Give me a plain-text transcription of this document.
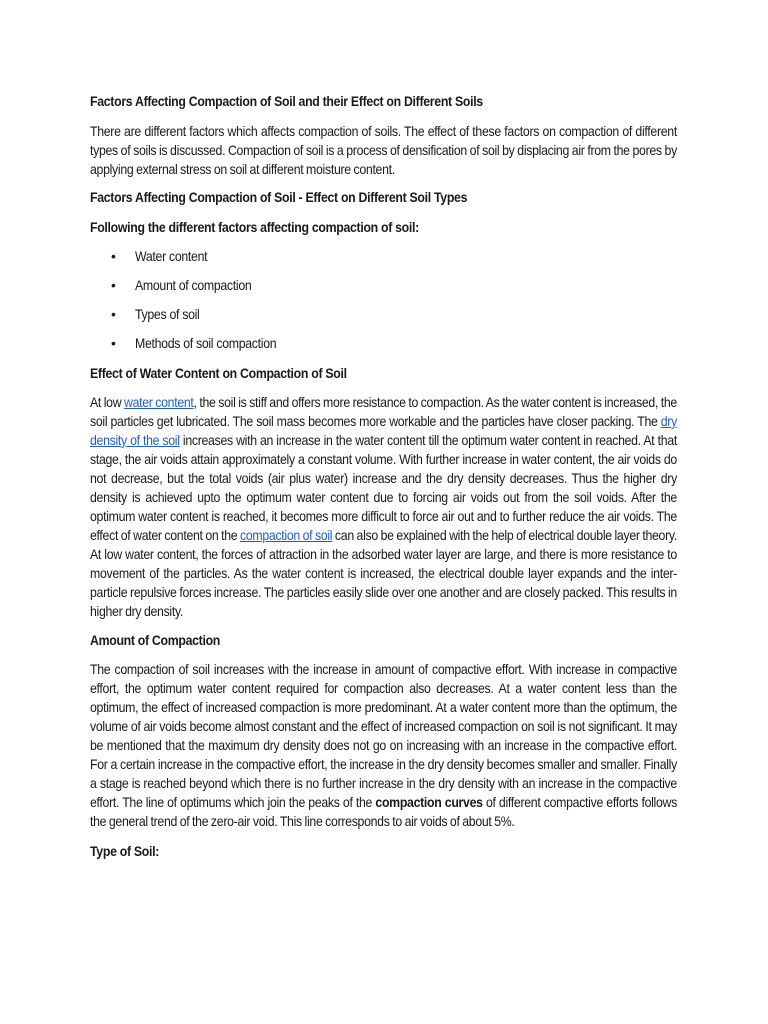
Factors Affecting Compaction of Soil and their Effect on Different Soils

There are different factors which affects compaction of soils. The effect of these factors on compaction of different types of soils is discussed. Compaction of soil is a process of densification of soil by displacing air from the pores by applying external stress on soil at different moisture content.

Factors Affecting Compaction of Soil - Effect on Different Soil Types
Following the different factors affecting compaction of soil:
• Water content
• Amount of compaction
• Types of soil
• Methods of soil compaction
Effect of Water Content on Compaction of Soil

At low water content, the soil is stiff and offers more resistance to compaction. As the water content is increased, the soil particles get lubricated. The soil mass becomes more workable and the particles have closer packing. The dry density of the soil increases with an increase in the water content till the optimum water content in reached. At that stage, the air voids attain approximately a constant volume. With further increase in water content, the air voids do not decrease, but the total voids (air plus water) increase and the dry density decreases. Thus the higher dry density is achieved upto the optimum water content due to forcing air voids out from the soil voids. After the optimum water content is reached, it becomes more difficult to force air out and to further reduce the air voids. The effect of water content on the compaction of soil can also be explained with the help of electrical double layer theory. At low water content, the forces of attraction in the adsorbed water layer are large, and there is more resistance to movement of the particles. As the water content is increased, the electrical double layer expands and the inter-particle repulsive forces increase. The particles easily slide over one another and are closely packed. This results in higher dry density.

Amount of Compaction

The compaction of soil increases with the increase in amount of compactive effort. With increase in compactive effort, the optimum water content required for compaction also decreases. At a water content less than the optimum, the effect of increased compaction is more predominant. At a water content more than the optimum, the volume of air voids become almost constant and the effect of increased compaction on soil is not significant. It may be mentioned that the maximum dry density does not go on increasing with an increase in the compactive effort. For a certain increase in the compactive effort, the increase in the dry density becomes smaller and smaller. Finally a stage is reached beyond which there is no further increase in the dry density with an increase in the compactive effort. The line of optimums which join the peaks of the compaction curves of different compactive efforts follows the general trend of the zero-air void. This line corresponds to air voids of about 5%.

Type of Soil:
